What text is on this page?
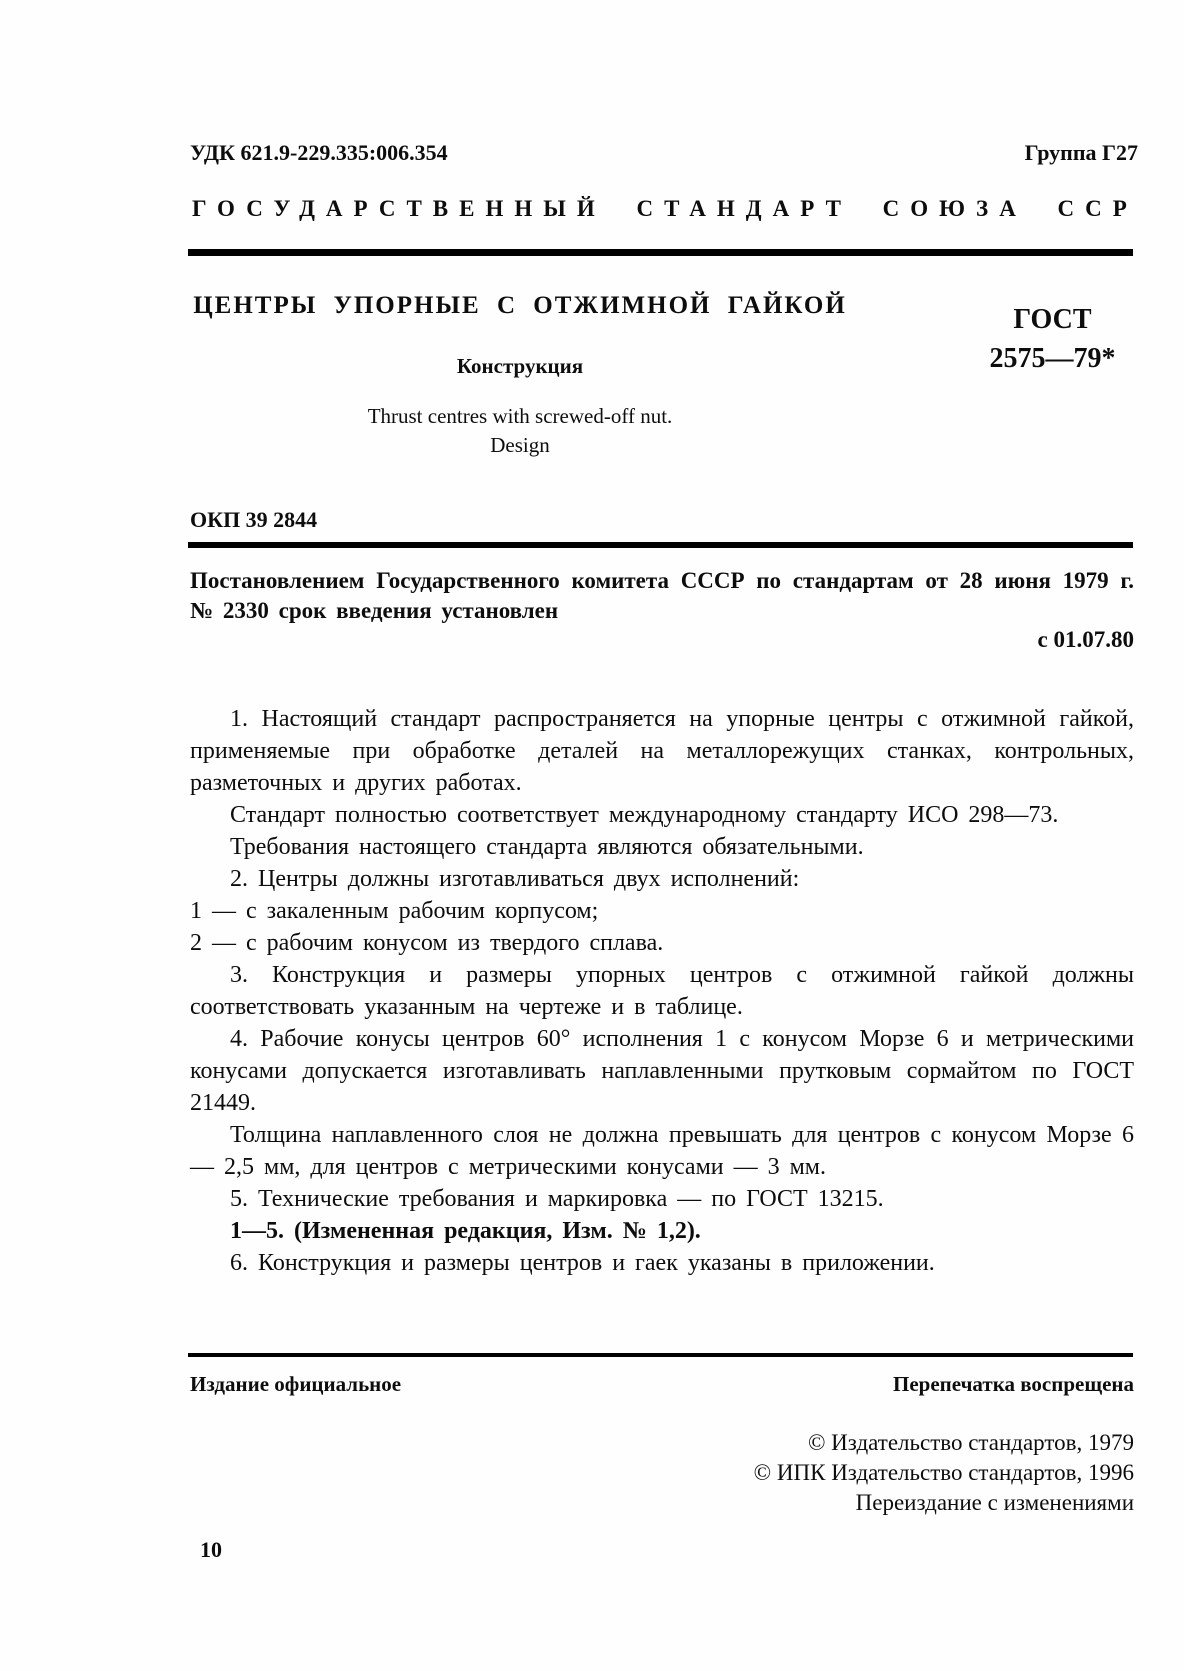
УДК 621.9-229.335:006.354	Группа Г27
ГОСУДАРСТВЕННЫЙ СТАНДАРТ СОЮЗА ССР
ЦЕНТРЫ УПОРНЫЕ С ОТЖИМНОЙ ГАЙКОЙ
Конструкция
Thrust centres with screwed-off nut.
Design
ГОСТ
2575—79*
ОКП 39 2844
Постановлением Государственного комитета СССР по стандартам от 28 июня 1979 г. № 2330 срок введения установлен
с 01.07.80

1. Настоящий стандарт распространяется на упорные центры с отжимной гайкой, применяемые при обработке деталей на металлорежущих станках, контрольных, разметочных и других работах.

Стандарт полностью соответствует международному стандарту ИСО 298—73.

Требования настоящего стандарта являются обязательными.

2. Центры должны изготавливаться двух исполнений:

1 — с закаленным рабочим корпусом;

2 — с рабочим конусом из твердого сплава.

3. Конструкция и размеры упорных центров с отжимной гайкой должны соответствовать указанным на чертеже и в таблице.

4. Рабочие конусы центров 60° исполнения 1 с конусом Морзе 6 и метрическими конусами допускается изготавливать наплавленными прутковым сормайтом по ГОСТ 21449.

Толщина наплавленного слоя не должна превышать для центров с конусом Морзе 6 — 2,5 мм, для центров с метрическими конусами — 3 мм.

5. Технические требования и маркировка — по ГОСТ 13215.

1—5. (Измененная редакция, Изм. № 1,2).

6. Конструкция и размеры центров и гаек указаны в приложении.

Издание официальное	Перепечатка воспрещена
© Издательство стандартов, 1979
© ИПК Издательство стандартов, 1996
Переиздание с изменениями
10
